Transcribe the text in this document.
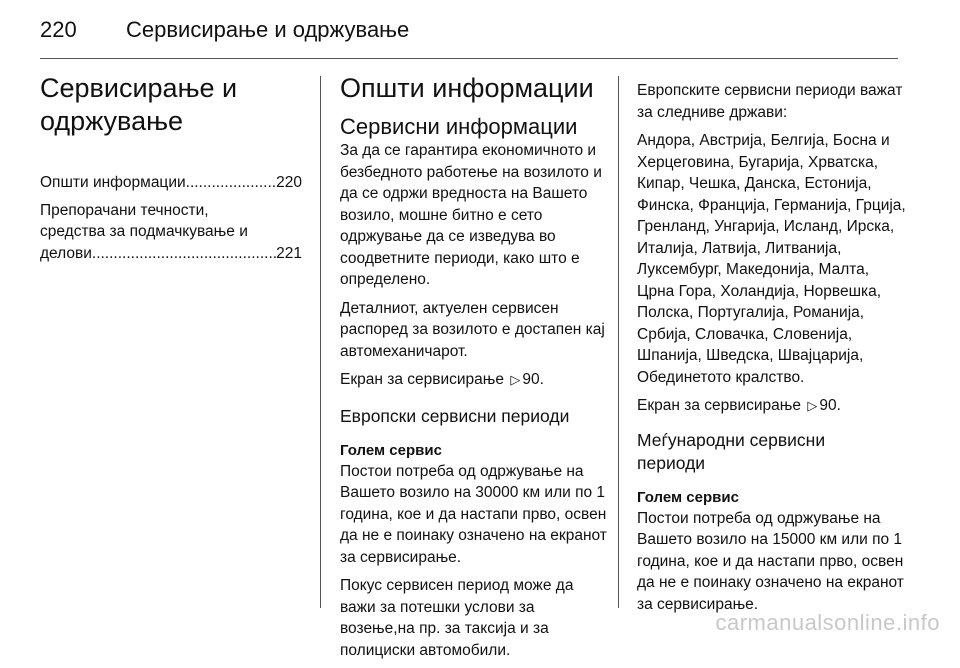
220 Сервисирање и одржување
Сервисирање и
одржување
Општи информации .....	220
Препорачани течности,
средства за подмачкување и
делови .....	221
Општи информации
Сервисни информации

За да се гарантира економичното и безбедното работење на возилото и да се одржи вредноста на Вашето возило, мошне битно е сето одржување да се изведува во соодветните периоди, како што е определено.

Деталниот, актуелен сервисен распоред за возилото е достапен кај автомеханичарот.

Екран за сервисирање ▷ 90.

Европски сервисни периоди
Голем сервис

Постои потреба од одржување на Вашето возило на 30000 км или по 1 година, кое и да настапи прво, освен да не е поинаку означено на екранот за сервисирање.

Покус сервисен период може да важи за потешки услови за возење,на пр. за таксија и за полициски автомобили.

Европските сервисни периоди важат за следниве држави:

Андора, Австрија, Белгија, Босна и Херцеговина, Бугарија, Хрватска, Кипар, Чешка, Данска, Естонија, Финска, Франција, Германија, Грција, Гренланд, Унгарија, Исланд, Ирска, Италија, Латвија, Литванија, Луксембург, Македонија, Малта, Црна Гора, Холандија, Норвешка, Полска, Португалија, Романија, Србија, Словачка, Словенија, Шпанија, Шведска, Швајцарија, Обединетото кралство.

Екран за сервисирање ▷ 90.

Меѓународни сервисни
периоди
Голем сервис

Постои потреба од одржување на Вашето возило на 15000 км или по 1 година, кое и да настапи прво, освен да не е поинаку означено на екранот за сервисирање.

carmanualsonline.info
